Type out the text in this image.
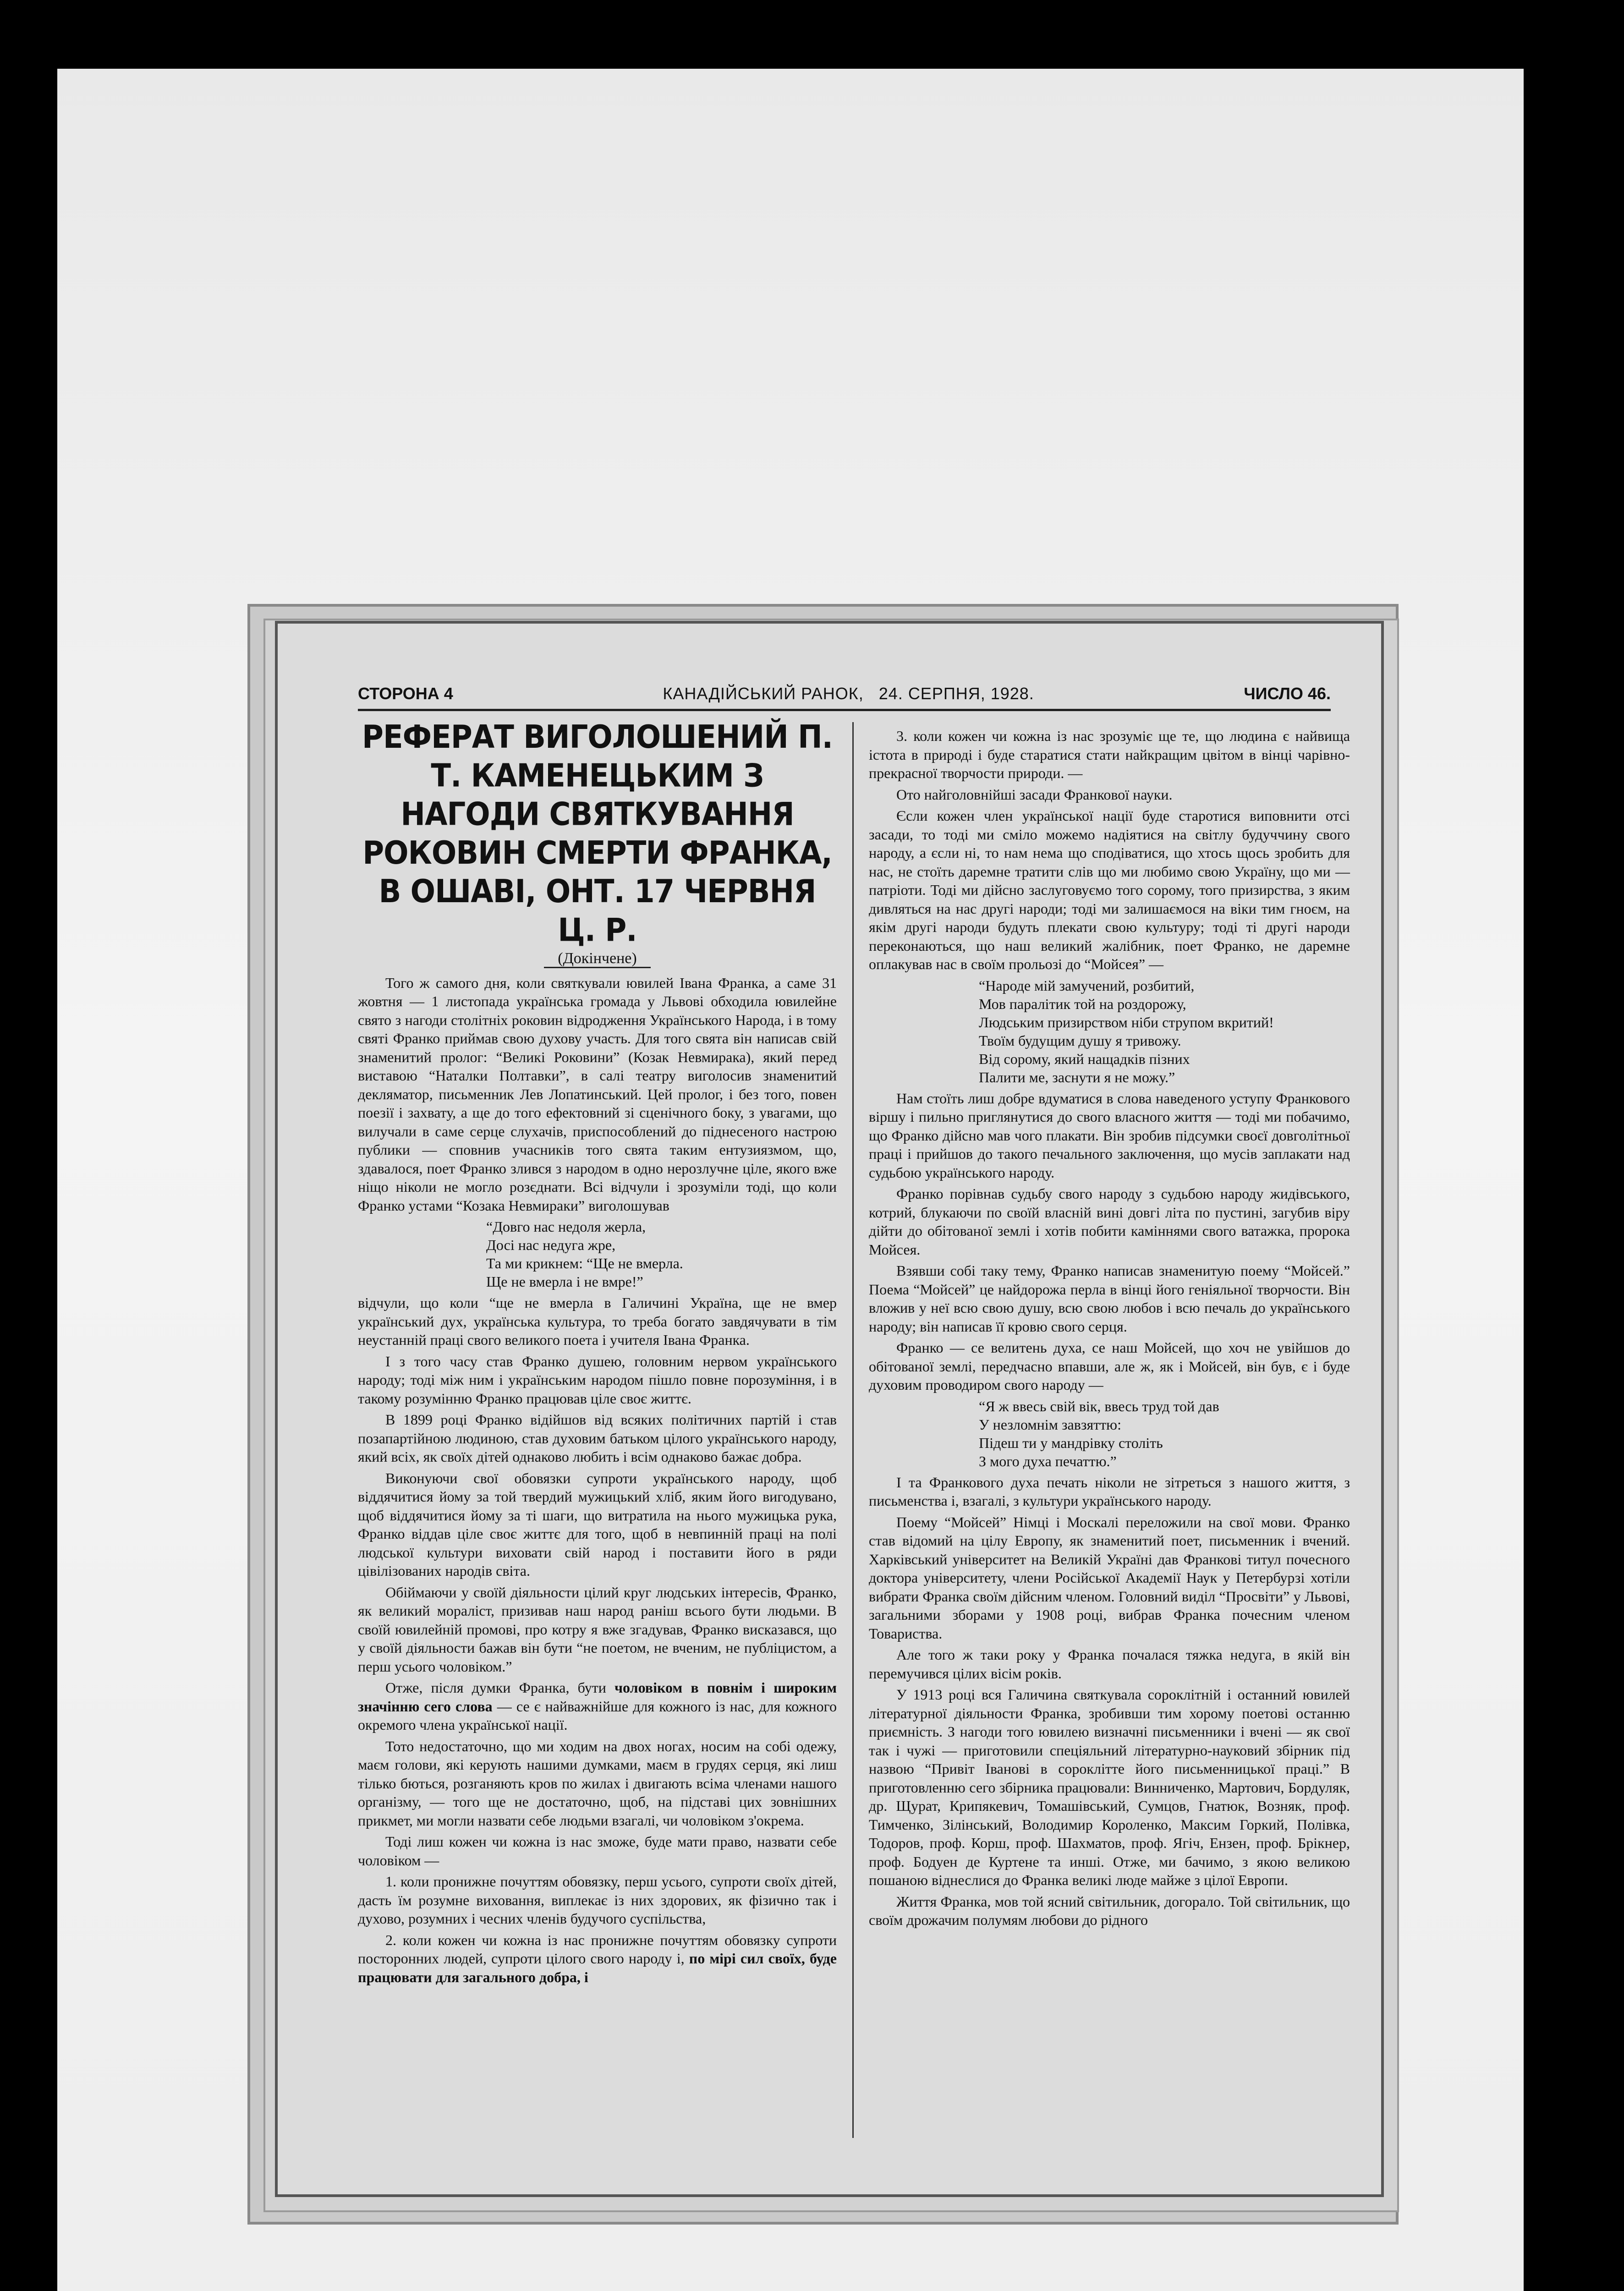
СТОРОНА 4	КАНАДІЙСЬКИЙ РАНОК, 24. СЕРПНЯ, 1928.	ЧИСЛО 46.
РЕФЕРАТ ВИГОЛОШЕНИЙ П. Т. КАМЕНЕЦЬКИМ З НАГОДИ СВЯТКУВАННЯ РОКОВИН СМЕРТИ ФРАНКА, В ОШАВІ, ОНТ. 17 ЧЕРВНЯ Ц. Р.
(Докінчене)

Того ж самого дня, коли святкували ювилей Івана Франка, а саме 31 жовтня — 1 листопада українська громада у Львові обходила ювилейне свято з нагоди столітніх роковин відродження Українського Народа, і в тому святі Франко приймав свою духову участь. Для того свята він написав свій знаменитий пролог: “Великі Роковини” (Козак Невмирака), який перед виставою “Наталки Полтавки”, в салі театру виголосив знаменитий декляматор, письменник Лев Лопатинський. Цей пролог, і без того, повен поезії і захвату, а ще до того ефектовний зі сценічного боку, з увагами, що вилучали в саме серце слухачів, приспособлений до піднесеного настрою публики — сповнив учасників того свята таким ентузиязмом, що, здавалося, поет Франко злився з народом в одно нерозлучне ціле, якого вже ніщо ніколи не могло розєднати. Всі відчули і зрозуміли тоді, що коли Франко устами “Козака Невмираки” виголошував

“Довго нас недоля жерла,
Досі нас недуга жре,
Та ми крикнем: “Ще не вмерла.
Ще не вмерла і не вмре!”

відчули, що коли “ще не вмерла в Галичині Україна, ще не вмер український дух, українська культура, то треба богато завдячувати в тім неустанній праці свого великого поета і учителя Івана Франка.

І з того часу став Франко душею, головним нервом українського народу; тоді між ним і українським народом пішло повне порозуміння, і в такому розумінню Франко працював ціле своє життє.

В 1899 році Франко відійшов від всяких політичних партій і став позапартійною людиною, став духовим батьком цілого українського народу, який всіх, як своїх дітей однаково любить і всім однаково бажає добра.

Виконуючи свої обовязки супроти українського народу, щоб віддячитися йому за той твердий мужицький хліб, яким його вигодувано, щоб віддячитися йому за ті шаги, що витратила на нього мужицька рука, Франко віддав ціле своє життє для того, щоб в невпинній праці на полі людської культури виховати свій народ і поставити його в ряди цівілізованих народів світа.

Обіймаючи у своїй діяльности цілий круг людських інтересів, Франко, як великий мораліст, призивав наш народ раніш всього бути людьми. В своїй ювилейній промові, про котру я вже згадував, Франко висказався, що у своїй діяльности бажав він бути “не поетом, не вченим, не публіцистом, а перш усього чоловіком.”

Отже, після думки Франка, бути чоловіком в повнім і широким значінню сего слова — се є найважнійше для кожного із нас, для кожного окремого члена української нації.

Тото недостаточно, що ми ходим на двох ногах, носим на собі одежу, маєм голови, які керують нашими думками, маєм в грудях серця, які лиш тілько бються, розганяють кров по жилах і двигають всіма членами нашого організму, — того ще не достаточно, щоб, на підставі цих зовнішних прикмет, ми могли назвати себе людьми взагалі, чи чоловіком з'окрема.

Тоді лиш кожен чи кожна із нас зможе, буде мати право, назвати себе чоловіком —

1. коли пронижне почуттям обовязку, перш усього, супроти своїх дітей, дасть їм розумне виховання, виплекає із них здорових, як фізично так і духово, розумних і чесних членів будучого суспільства,

2. коли кожен чи кожна із нас пронижне почуттям обовязку супроти посторонних людей, супроти цілого свого народу і, по мірі сил своїх, буде працювати для загального добра, і

3. коли кожен чи кожна із нас зрозуміє ще те, що людина є найвища істота в природі і буде старатися стати найкращим цвітом в вінці чарівно-прекрасної творчости природи. —

Ото найголовнійші засади Франкової науки.

Єсли кожен член української нації буде старотися виповнити отсі засади, то тоді ми сміло можемо надіятися на світлу будуччину свого народу, а єсли ні, то нам нема що сподіватися, що хтось щось зробить для нас, не стоїть даремне тратити слів що ми любимо свою Україну, що ми — патріоти. Тоді ми дійсно заслуговуємо того сорому, того призирства, з яким дивляться на нас другі народи; тоді ми залишаємося на віки тим гноєм, на якім другі народи будуть плекати свою культуру; тоді ті другі народи переконаються, що наш великий жалібник, поет Франко, не даремне оплакував нас в своїм прольозі до “Мойсея” —

“Народе мій замучений, розбитий,
Мов паралітик той на роздорожу,
Людським призирством ніби струпом вкритий!
Твоїм будущим душу я тривожу.
Від сорому, який нащадків пізних
Палити ме, заснути я не можу.”

Нам стоїть лиш добре вдуматися в слова наведеного уступу Франкового віршу і пильно приглянутися до свого власного життя — тоді ми побачимо, що Франко дійсно мав чого плакати. Він зробив підсумки своєї довголітньої праці і прийшов до такого печального заключення, що мусів заплакати над судьбою українського народу.

Франко порівнав судьбу свого народу з судьбою народу жидівського, котрий, блукаючи по своїй власній вині довгі літа по пустині, загубив віру дійти до обітованої землі і хотів побити каміннями свого ватажка, пророка Мойсея.

Взявши собі таку тему, Франко написав знаменитую поему “Мойсей.” Поема “Мойсей” це найдорожа перла в вінці його геніяльної творчости. Він вложив у неї всю свою душу, всю свою любов і всю печаль до українського народу; він написав її кровю свого серця.

Франко — се велитень духа, се наш Мойсей, що хоч не увійшов до обітованої землі, передчасно впавши, але ж, як і Мойсей, він був, є і буде духовим проводиром свого народу —

“Я ж ввесь свій вік, ввесь труд той дав
У незломнім завзяттю:
Підеш ти у мандрівку століть
З мого духа печаттю.”

І та Франкового духа печать ніколи не зітреться з нашого життя, з письменства і, взагалі, з культури українського народу.

Поему “Мойсей” Німці і Москалі переложили на свої мови. Франко став відомий на цілу Европу, як знаменитий поет, письменник і вчений. Харківський університет на Великій Україні дав Франкові титул почесного доктора університету, члени Російської Академії Наук у Петербурзі хотіли вибрати Франка своїм дійсним членом. Головний виділ “Просвіти” у Львові, загальними зборами у 1908 році, вибрав Франка почесним членом Товариства.

Але того ж таки року у Франка почалася тяжка недуга, в якій він перемучився цілих вісім років.

У 1913 році вся Галичина святкувала сороклітній і останний ювилей літературної діяльности Франка, зробивши тим хорому поетові останню приємність. З нагоди того ювилею визначні письменники і вчені — як свої так і чужі — приготовили спеціяльний літературно-науковий збірник під назвою “Привіт Іванові в сороклітте його письменницької праці.” В приготовленню сего збірника працювали: Винниченко, Мартович, Бордуляк, др. Щурат, Крипякевич, Томашівський, Сумцов, Гнатюк, Возняк, проф. Тимченко, Зілінський, Володимир Короленко, Максим Горкий, Полівка, Тодоров, проф. Корш, проф. Шахматов, проф. Ягіч, Ензен, проф. Брікнер, проф. Бодуен де Куртене та инші. Отже, ми бачимо, з якою великою пошаною віднеслися до Франка великі люде майже з цілої Европи.

Життя Франка, мов той ясний світильник, догорало. Той світильник, що своїм дрожачим полумям любови до рідного
